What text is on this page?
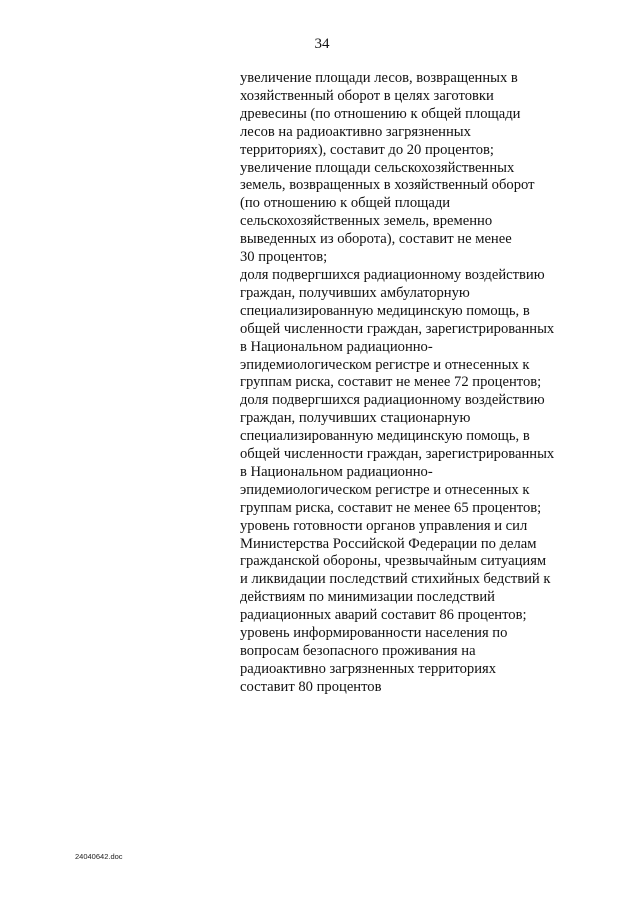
34
увеличение площади лесов, возвращенных в
хозяйственный оборот в целях заготовки
древесины (по отношению к общей площади
лесов на радиоактивно загрязненных
территориях), составит до 20 процентов;
увеличение площади сельскохозяйственных
земель, возвращенных в хозяйственный оборот
(по отношению к общей площади
сельскохозяйственных земель, временно
выведенных из оборота), составит не менее
30 процентов;
доля подвергшихся радиационному воздействию
граждан, получивших амбулаторную
специализированную медицинскую помощь, в
общей численности граждан, зарегистрированных
в Национальном радиационно-
эпидемиологическом регистре и отнесенных к
группам риска, составит не менее 72 процентов;
доля подвергшихся радиационному воздействию
граждан, получивших стационарную
специализированную медицинскую помощь, в
общей численности граждан, зарегистрированных
в Национальном радиационно-
эпидемиологическом регистре и отнесенных к
группам риска, составит не менее 65 процентов;
уровень готовности органов управления и сил
Министерства Российской Федерации по делам
гражданской обороны, чрезвычайным ситуациям
и ликвидации последствий стихийных бедствий к
действиям по минимизации последствий
радиационных аварий составит 86 процентов;
уровень информированности населения по
вопросам безопасного проживания на
радиоактивно загрязненных территориях
составит 80 процентов
24040642.doc
